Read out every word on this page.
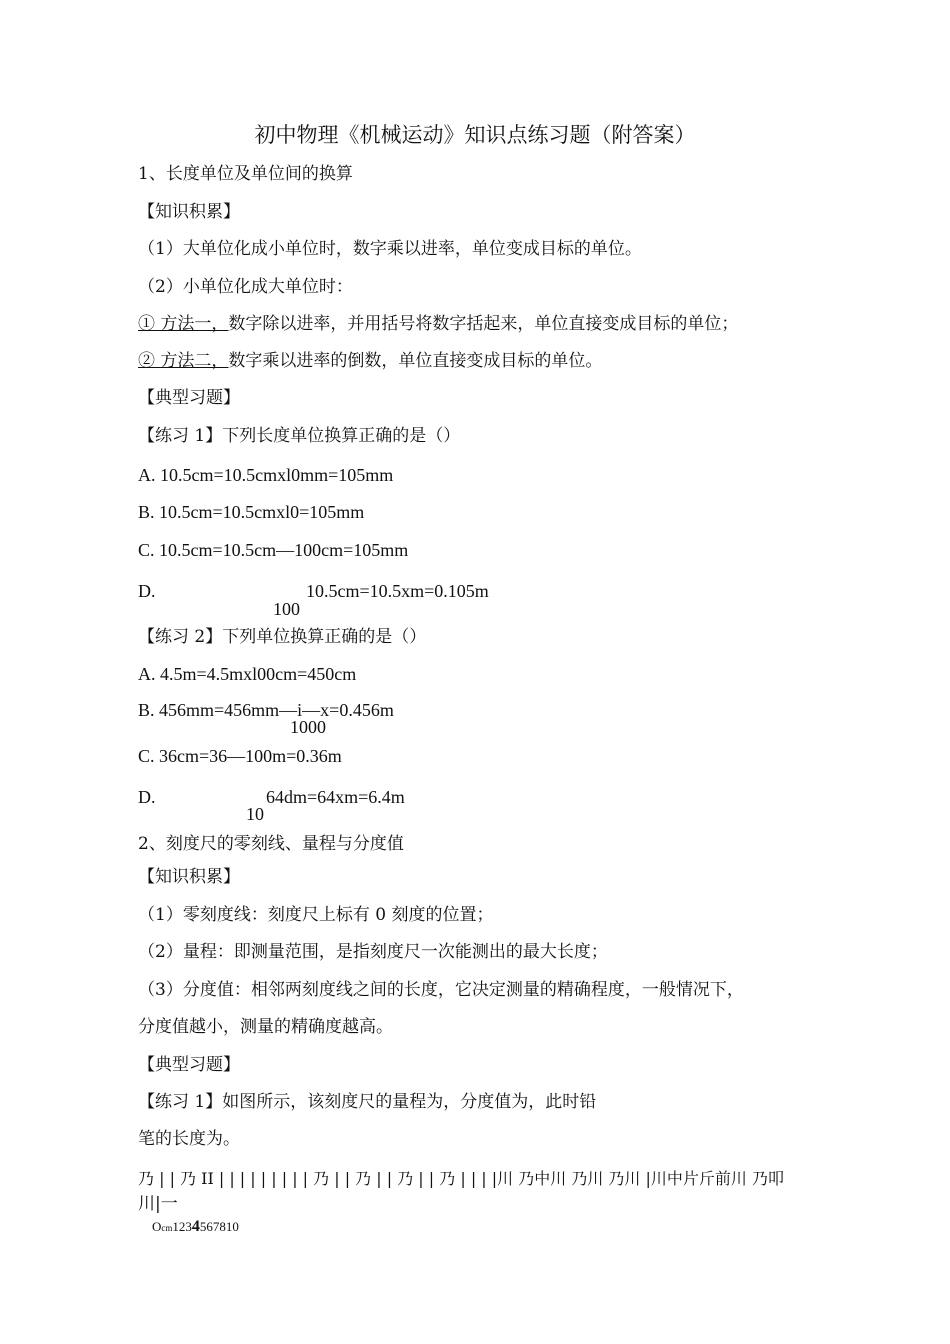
初中物理《机械运动》知识点练习题（附答案）
1、长度单位及单位间的换算
【知识积累】
（1）大单位化成小单位时，数字乘以进率，单位变成目标的单位。
（2）小单位化成大单位时：
① 方法一，数字除以进率，并用括号将数字括起来，单位直接变成目标的单位；
② 方法二，数字乘以进率的倒数，单位直接变成目标的单位。
【典型习题】
【练习 1】下列长度单位换算正确的是（）
A. 10.5cm=10.5cmxl0mm=105mm
B. 10.5cm=10.5cmxl0=105mm
C. 10.5cm=10.5cm—100cm=105mm
D.	10.5cm=10.5xm=0.105m
100
【练习 2】下列单位换算正确的是（）
A. 4.5m=4.5mxl00cm=450cm
B. 456mm=456mm—i—x=0.456m
1000
C. 36cm=36—100m=0.36m
D.	64dm=64xm=6.4m
10
2、刻度尺的零刻线、量程与分度值
【知识积累】
（1）零刻度线：刻度尺上标有 0 刻度的位置；
（2）量程：即测量范围，是指刻度尺一次能测出的最大长度；
（3）分度值：相邻两刻度线之间的长度，它决定测量的精确程度，一般情况下，
分度值越小，测量的精确度越高。
【典型习题】
【练习 1】如图所示，该刻度尺的量程为，分度值为，此时铅
笔的长度为。
乃 | | 乃 II | | | | | | | | | 乃 | | 乃 | | 乃 | | 乃 | | | |川 乃中川 乃川 乃川 |川中片斤前川 乃叩
川|一
Ocm1234567810
